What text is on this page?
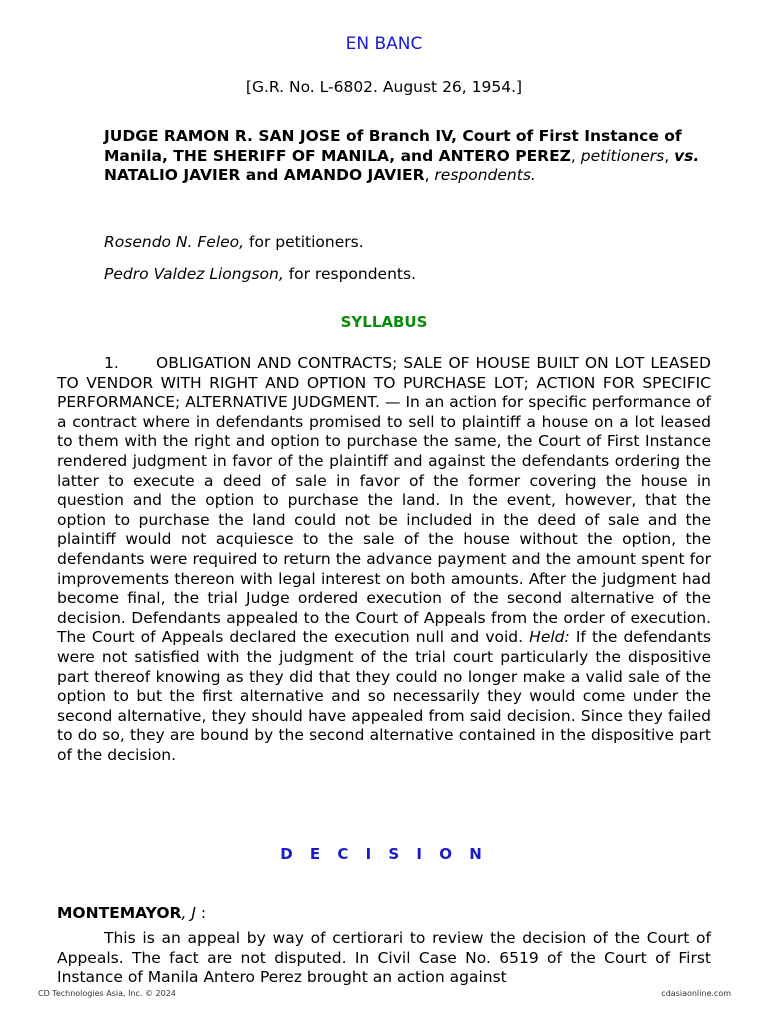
EN BANC
[G.R. No. L-6802. August 26, 1954.]
JUDGE RAMON R. SAN JOSE of Branch IV, Court of First Instance of Manila, THE SHERIFF OF MANILA, and ANTERO PEREZ, petitioners, vs. NATALIO JAVIER and AMANDO JAVIER, respondents.
Rosendo N. Feleo, for petitioners.
Pedro Valdez Liongson, for respondents.
SYLLABUS
1. OBLIGATION AND CONTRACTS; SALE OF HOUSE BUILT ON LOT LEASED TO VENDOR WITH RIGHT AND OPTION TO PURCHASE LOT; ACTION FOR SPECIFIC PERFORMANCE; ALTERNATIVE JUDGMENT. — In an action for specific performance of a contract where in defendants promised to sell to plaintiff a house on a lot leased to them with the right and option to purchase the same, the Court of First Instance rendered judgment in favor of the plaintiff and against the defendants ordering the latter to execute a deed of sale in favor of the former covering the house in question and the option to purchase the land. In the event, however, that the option to purchase the land could not be included in the deed of sale and the plaintiff would not acquiesce to the sale of the house without the option, the defendants were required to return the advance payment and the amount spent for improvements thereon with legal interest on both amounts. After the judgment had become final, the trial Judge ordered execution of the second alternative of the decision. Defendants appealed to the Court of Appeals from the order of execution. The Court of Appeals declared the execution null and void. Held: If the defendants were not satisfied with the judgment of the trial court particularly the dispositive part thereof knowing as they did that they could no longer make a valid sale of the option to but the first alternative and so necessarily they would come under the second alternative, they should have appealed from said decision. Since they failed to do so, they are bound by the second alternative contained in the dispositive part of the decision.
D E C I S I O N
MONTEMAYOR, J :
This is an appeal by way of certiorari to review the decision of the Court of Appeals. The fact are not disputed. In Civil Case No. 6519 of the Court of First Instance of Manila Antero Perez brought an action against
CD Technologies Asia, Inc. © 2024	cdasiaonline.com
